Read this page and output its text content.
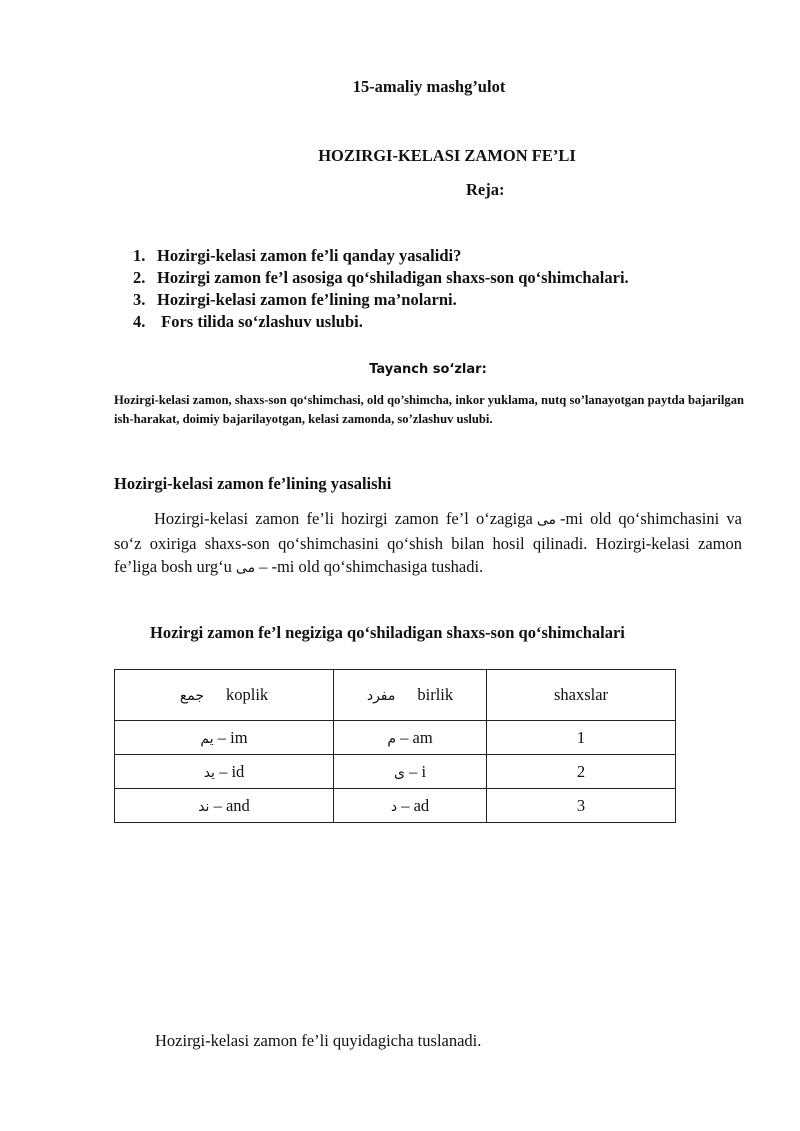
15-amaliy mashg’ulot
HOZIRGI-KELASI ZAMON FE’LI
Reja:
1. Hozirgi-kelasi zamon fe’li qanday yasalidi?
2. Hozirgi zamon fe’l asosiga qo‘shiladigan shaxs-son qo‘shimchalari.
3. Hozirgi-kelasi zamon fe’lining ma’nolarni.
4. Fors tilida so‘zlashuv uslubi.
Tayanch so‘zlar:
Hozirgi-kelasi zamon, shaxs-son qo‘shimchasi, old qo’shimcha, inkor yuklama, nutq so’lanayotgan paytda bajarilgan ish-harakat, doimiy bajarilayotgan, kelasi zamonda, so’zlashuv uslubi.
Hozirgi-kelasi zamon fe’lining yasalishi
Hozirgi-kelasi zamon fe’li hozirgi zamon fe’l o‘zagiga می -mi old qo‘shimchasini va so‘z oxiriga shaxs-son qo‘shimchasini qo‘shish bilan hosil qilinadi. Hozirgi-kelasi zamon fe’liga bosh urg‘u می – -mi old qo‘shimchasiga tushadi.
Hozirgi zamon fe’l negiziga qo‘shiladigan shaxs-son qo‘shimchalari
جمع koplik	مفرد birlik	shaxslar
یم – im	م – am	1
ید – id	ی – i	2
ند – and	د – ad	3
Hozirgi-kelasi zamon fe’li quyidagicha tuslanadi.
